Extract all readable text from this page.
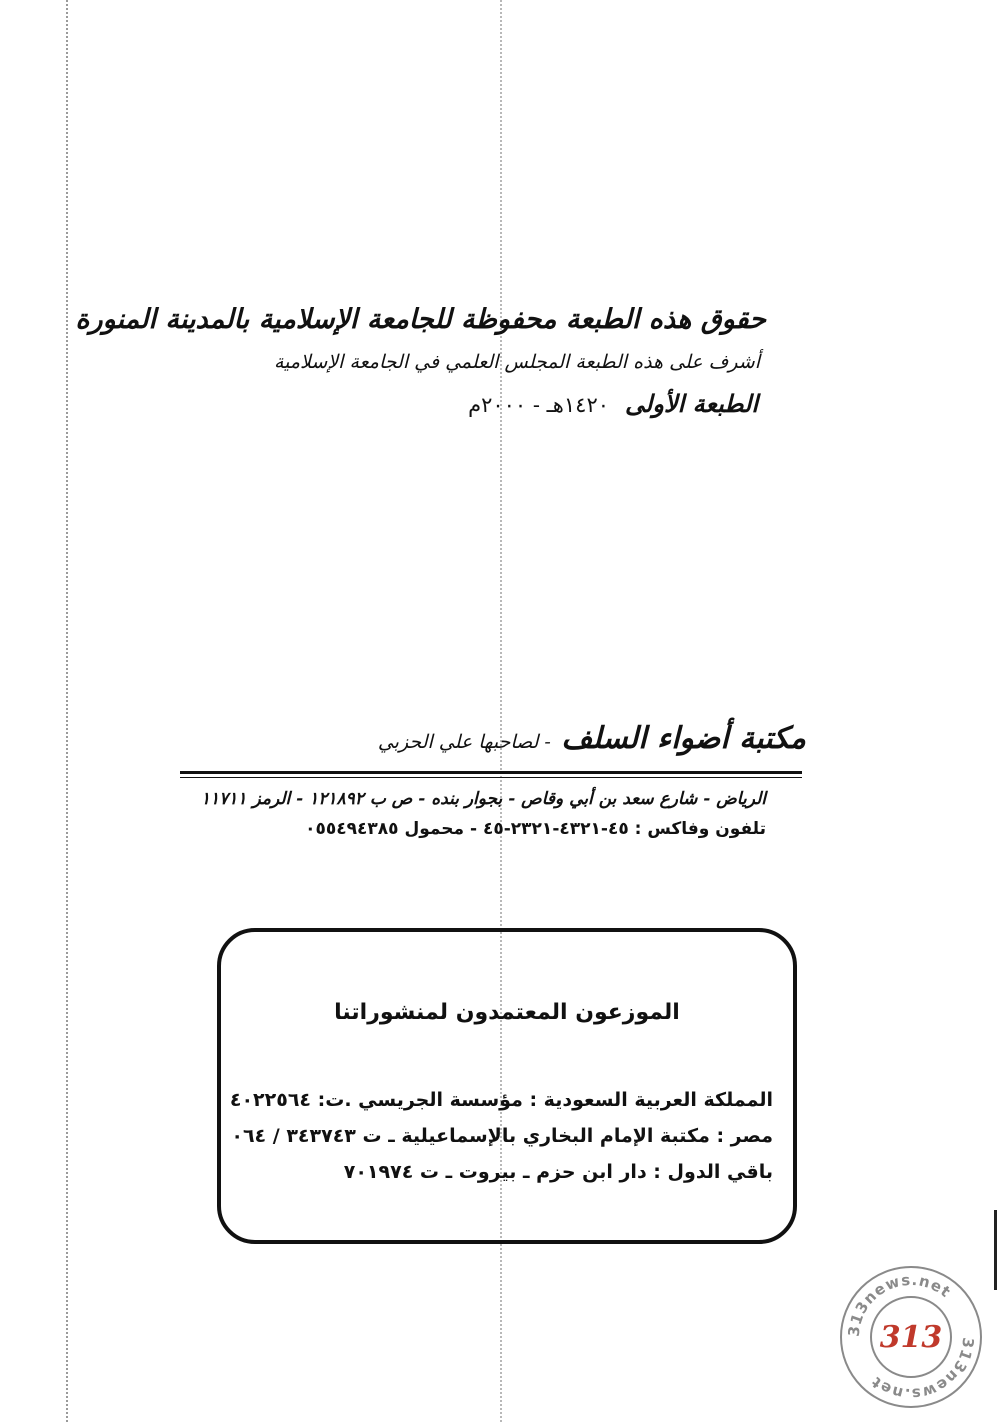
حقوق هذه الطبعة محفوظة للجامعة الإسلامية بالمدينة المنورة
أشرف على هذه الطبعة المجلس العلمي في الجامعة الإسلامية
الطبعة الأولى١٤٢٠هـ - ٢٠٠٠م
مكتبة أضواء السلف - لصاحبها علي الحزبي
الرياض - شارع سعد بن أبي وقاص - بجوار بنده - ص ب ١٢١٨٩٢ - الرمز ١١٧١١
تلفون وفاكس : ٤٥-٤٣٢١-٢٣٢١-٤٥ - محمول ٠٥٥٤٩٤٣٨٥
الموزعون المعتمدون لمنشوراتنا
المملكة العربية السعودية : مؤسسة الجريسي .ت: ٤٠٢٢٥٦٤
مصر : مكتبة الإمام البخاري بالإسماعيلية ـ ت ٣٤٣٧٤٣ / ٠٦٤
باقي الدول : دار ابن حزم ـ بيروت ـ ت ٧٠١٩٧٤
313news.net
313news.net
313
